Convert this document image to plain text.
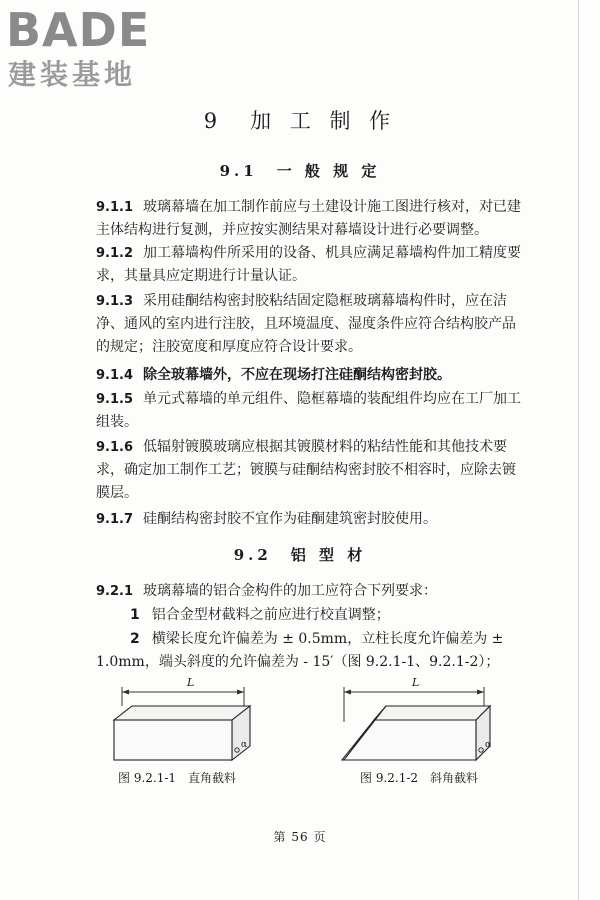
BADE
建装基地
9　加 工 制 作
9.1　一 般 规 定
9.1.1 玻璃幕墙在加工制作前应与土建设计施工图进行核对，对已建主体结构进行复测，并应按实测结果对幕墙设计进行必要调整。
9.1.2 加工幕墙构件所采用的设备、机具应满足幕墙构件加工精度要求，其量具应定期进行计量认证。
9.1.3 采用硅酮结构密封胶粘结固定隐框玻璃幕墙构件时，应在洁净、通风的室内进行注胶，且环境温度、湿度条件应符合结构胶产品的规定；注胶宽度和厚度应符合设计要求。
9.1.4 除全玻幕墙外，不应在现场打注硅酮结构密封胶。
9.1.5 单元式幕墙的单元组件、隐框幕墙的装配组件均应在工厂加工组装。
9.1.6 低辐射镀膜玻璃应根据其镀膜材料的粘结性能和其他技术要求，确定加工制作工艺；镀膜与硅酮结构密封胶不相容时，应除去镀膜层。
9.1.7 硅酮结构密封胶不宜作为硅酮建筑密封胶使用。
9.2　铝 型 材
9.2.1 玻璃幕墙的铝合金构件的加工应符合下列要求：
1 铝合金型材截料之前应进行校直调整；
2 横梁长度允许偏差为 ± 0.5mm，立柱长度允许偏差为 ± 1.0mm，端头斜度的允许偏差为 - 15′（图 9.2.1-1、9.2.1-2）；
L
α
图 9.2.1-1　直角截料
L
α
图 9.2.1-2　斜角截料
第 56 页
